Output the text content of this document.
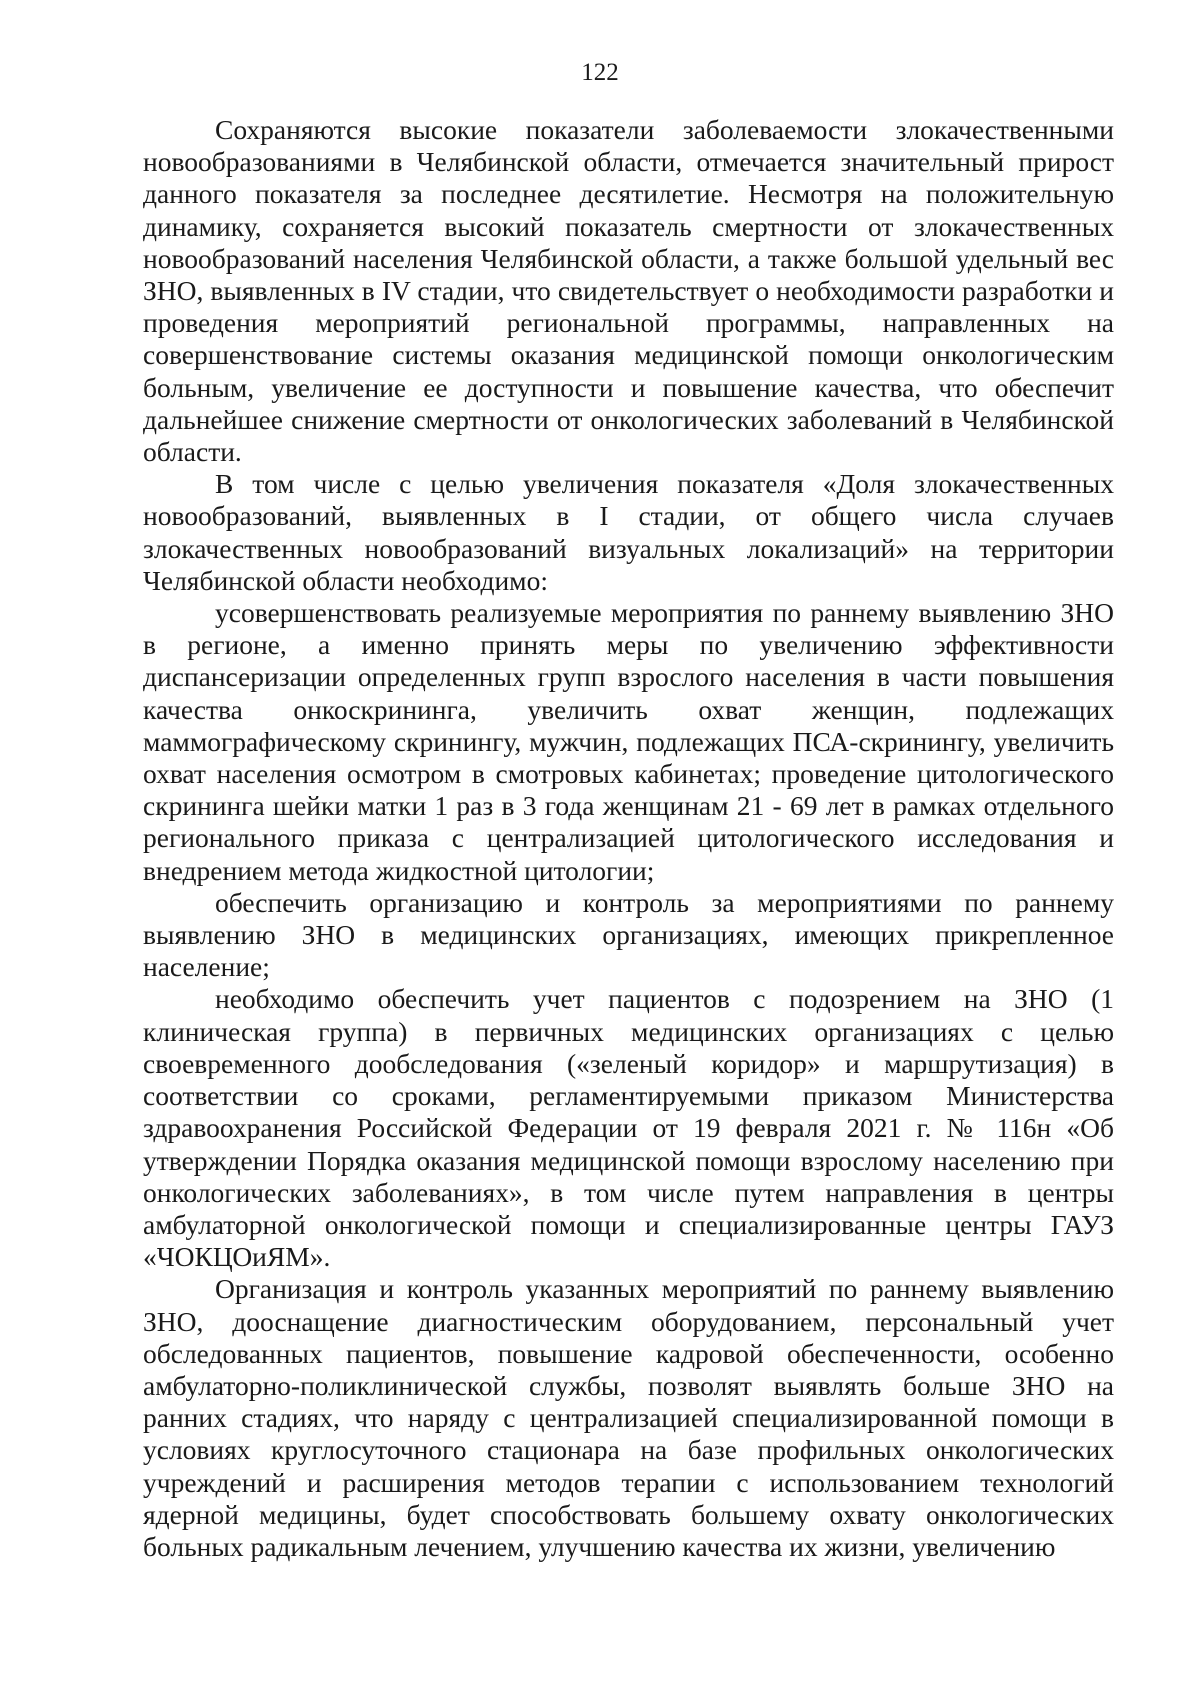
122

Сохраняются высокие показатели заболеваемости злокачественными новообразованиями в Челябинской области, отмечается значительный прирост данного показателя за последнее десятилетие. Несмотря на положительную динамику, сохраняется высокий показатель смертности от злокачественных новообразований населения Челябинской области, а также большой удельный вес ЗНО, выявленных в IV стадии, что свидетельствует о необходимости разработки и проведения мероприятий региональной программы, направленных на совершенствование системы оказания медицинской помощи онкологическим больным, увеличение ее доступности и повышение качества, что обеспечит дальнейшее снижение смертности от онкологических заболеваний в Челябинской области.

В том числе с целью увеличения показателя «Доля злокачественных новообразований, выявленных в I стадии, от общего числа случаев злокачественных новообразований визуальных локализаций» на территории Челябинской области необходимо:

усовершенствовать реализуемые мероприятия по раннему выявлению ЗНО в регионе, а именно принять меры по увеличению эффективности диспансеризации определенных групп взрослого населения в части повышения качества онкоскрининга, увеличить охват женщин, подлежащих маммографическому скринингу, мужчин, подлежащих ПСА-скринингу, увеличить охват населения осмотром в смотровых кабинетах; проведение цитологического скрининга шейки матки 1 раз в 3 года женщинам 21 - 69 лет в рамках отдельного регионального приказа с централизацией цитологического исследования и внедрением метода жидкостной цитологии;

обеспечить организацию и контроль за мероприятиями по раннему выявлению ЗНО в медицинских организациях, имеющих прикрепленное население;

необходимо обеспечить учет пациентов с подозрением на ЗНО (1 клиническая группа) в первичных медицинских организациях с целью своевременного дообследования («зеленый коридор» и маршрутизация) в соответствии со сроками, регламентируемыми приказом Министерства здравоохранения Российской Федерации от 19 февраля 2021 г. № 116н «Об утверждении Порядка оказания медицинской помощи взрослому населению при онкологических заболеваниях», в том числе путем направления в центры амбулаторной онкологической помощи и специализированные центры ГАУЗ «ЧОКЦОиЯМ».

Организация и контроль указанных мероприятий по раннему выявлению ЗНО, дооснащение диагностическим оборудованием, персональный учет обследованных пациентов, повышение кадровой обеспеченности, особенно амбулаторно-поликлинической службы, позволят выявлять больше ЗНО на ранних стадиях, что наряду с централизацией специализированной помощи в условиях круглосуточного стационара на базе профильных онкологических учреждений и расширения методов терапии с использованием технологий ядерной медицины, будет способствовать большему охвату онкологических больных радикальным лечением, улучшению качества их жизни, увеличению
